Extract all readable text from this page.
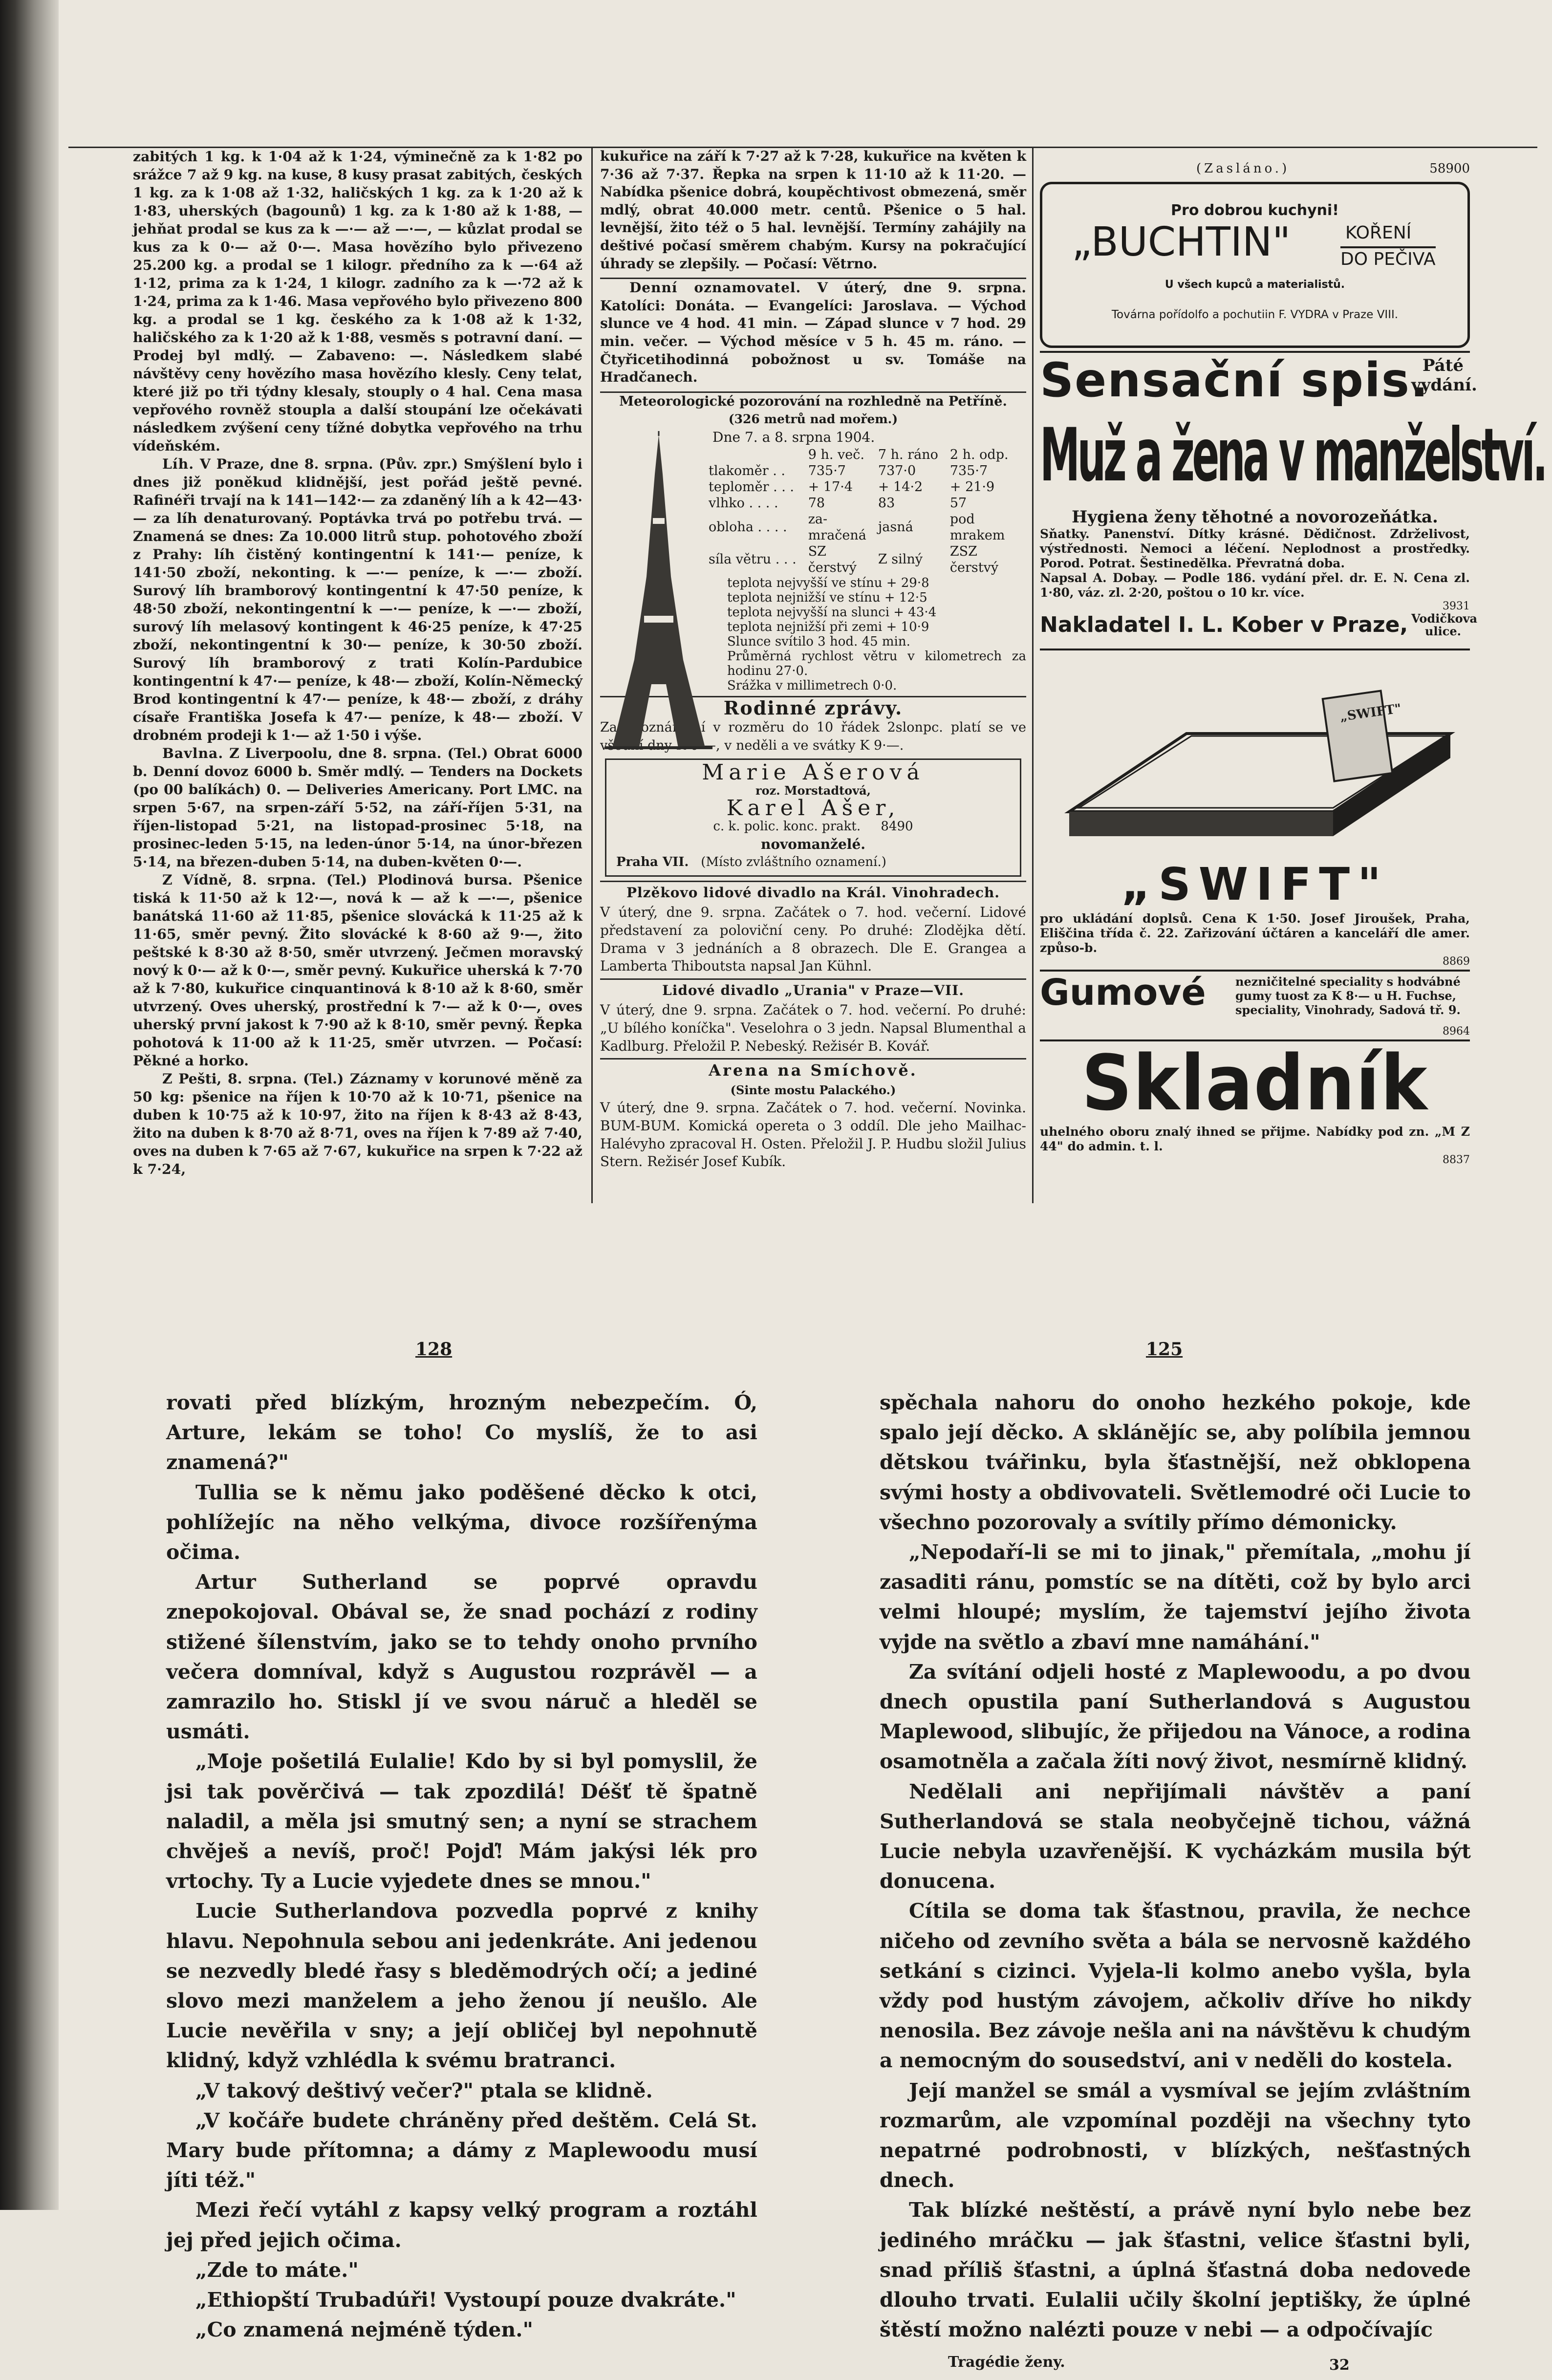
zabitých 1 kg. k 1·04 až k 1·24, výminečně za k 1·82 po srážce 7 až 9 kg. na kuse, 8 kusy prasat zabitých, českých 1 kg. za k 1·08 až 1·32, haličských 1 kg. za k 1·20 až k 1·83, uherských (bagounů) 1 kg. za k 1·80 až k 1·88, — jehňat prodal se kus za k —·— až —·—, — kůzlat prodal se kus za k 0·— až 0·—. Masa hovězího bylo přivezeno 25.200 kg. a prodal se 1 kilogr. předního za k —·64 až 1·12, prima za k 1·24, 1 kilogr. zadního za k —·72 až k 1·24, prima za k 1·46. Masa vepřového bylo přivezeno 800 kg. a prodal se 1 kg. českého za k 1·08 až k 1·32, haličského za k 1·20 až k 1·88, vesměs s potravní daní. — Prodej byl mdlý. — Zabaveno: —. Následkem slabé návštěvy ceny hovězího masa hovězího klesly. Ceny telat, které již po tři týdny klesaly, stouply o 4 hal. Cena masa vepřového rovněž stoupla a další stoupání lze očekávati následkem zvýšení ceny tížné dobytka vepřového na trhu vídeňském.

Líh. V Praze, dne 8. srpna. (Pův. zpr.) Smýšlení bylo i dnes již poněkud klidnější, jest pořád ještě pevné. Rafinéři trvají na k 141—142·— za zdaněný líh a k 42—43·— za líh denaturovaný. Poptávka trvá po potřebu trvá. — Znamená se dnes: Za 10.000 litrů stup. pohotového zboží z Prahy: líh čistěný kontingentní k 141·— peníze, k 141·50 zboží, nekonting. k —·— peníze, k —·— zboží. Surový líh bramborový kontingentní k 47·50 peníze, k 48·50 zboží, nekontingentní k —·— peníze, k —·— zboží, surový líh melasový kontingent k 46·25 peníze, k 47·25 zboží, nekontingentní k 30·— peníze, k 30·50 zboží. Surový líh bramborový z trati Kolín-Pardubice kontingentní k 47·— peníze, k 48·— zboží, Kolín-Německý Brod kontingentní k 47·— peníze, k 48·— zboží, z dráhy císaře Františka Josefa k 47·— peníze, k 48·— zboží. V drobném prodeji k 1·— až 1·50 i výše.

Bavlna. Z Liverpoolu, dne 8. srpna. (Tel.) Obrat 6000 b. Denní dovoz 6000 b. Směr mdlý. — Tenders na Dockets (po 00 balíkách) 0. — Deliveries Americany. Port LMC. na srpen 5·67, na srpen-září 5·52, na září-říjen 5·31, na říjen-listopad 5·21, na listopad-prosinec 5·18, na prosinec-leden 5·15, na leden-únor 5·14, na únor-březen 5·14, na březen-duben 5·14, na duben-květen 0·—.

Z Vídně, 8. srpna. (Tel.) Plodinová bursa. Pšenice tiská k 11·50 až k 12·—, nová k — až k —·—, pšenice banátská 11·60 až 11·85, pšenice slovácká k 11·25 až k 11·65, směr pevný. Žito slovácké k 8·60 až 9·—, žito peštské k 8·30 až 8·50, směr utvrzený. Ječmen moravský nový k 0·— až k 0·—, směr pevný. Kukuřice uherská k 7·70 až k 7·80, kukuřice cinquantinová k 8·10 až k 8·60, směr utvrzený. Oves uherský, prostřední k 7·— až k 0·—, oves uherský první jakost k 7·90 až k 8·10, směr pevný. Řepka pohotová k 11·00 až k 11·25, směr utvrzen. — Počasí: Pěkné a horko.

Z Pešti, 8. srpna. (Tel.) Záznamy v korunové měně za 50 kg: pšenice na říjen k 10·70 až k 10·71, pšenice na duben k 10·75 až k 10·97, žito na říjen k 8·43 až 8·43, žito na duben k 8·70 až 8·71, oves na říjen k 7·89 až 7·40, oves na duben k 7·65 až 7·67, kukuřice na srpen k 7·22 až k 7·24,

kukuřice na září k 7·27 až k 7·28, kukuřice na květen k 7·36 až 7·37. Řepka na srpen k 11·10 až k 11·20. — Nabídka pšenice dobrá, koupěchtivost obmezená, směr mdlý, obrat 40.000 metr. centů. Pšenice o 5 hal. levnější, žito též o 5 hal. levnější. Termíny zahájily na deštivé počasí směrem chabým. Kursy na pokračující úhrady se zlepšily. — Počasí: Větrno.

Denní oznamovatel. V úterý, dne 9. srpna. Katolíci: Donáta. — Evangelíci: Jaroslava. — Východ slunce ve 4 hod. 41 min. — Západ slunce v 7 hod. 29 min. večer. — Východ měsíce v 5 h. 45 m. ráno. — Čtyřicetihodinná pobožnost u sv. Tomáše na Hradčanech.

Meteorologické pozorování na rozhledně na Petříně.
(326 metrů nad mořem.)
Dne 7. a 8. srpna 1904.
	9 h. več.	7 h. ráno	2 h. odp.
tlakoměr . .	735·7	737·0	735·7
teploměr . . .	+ 17·4	+ 14·2	+ 21·9
vlhko . . . .	78	83	57
obloha . . . .	za- mračená	jasná	pod mrakem
síla větru . . .	SZ čerstvý	Z silný	ZSZ čerstvý
teplota nejvyšší ve stínu + 29·8
teplota nejnižší ve stínu + 12·5
teplota nejvyšší na slunci + 43·4
teplota nejnižší při zemi + 10·9
Slunce svítilo 3 hod. 45 min.
Průměrná rychlost větru v kilometrech za hodinu 27·0.
Srážka v millimetrech 0·0.
Rodinné zprávy.

Za 1 oznámení v rozměru do 10 řádek 2slonpc. platí se ve všední dny K 6·—, v neděli a ve svátky K 9·—.

Marie Ašerová
roz. Morstadtová,
Karel Ašer,
c. k. polic. konc. prakt. 8490
novomanželé.
Praha VII. (Místo zvláštního oznamení.)
Plzěkovo lidové divadlo na Král. Vinohradech.

V úterý, dne 9. srpna. Začátek o 7. hod. večerní. Lidové představení za poloviční ceny. Po druhé: Zlodějka dětí. Drama v 3 jednáních a 8 obrazech. Dle E. Grangea a Lamberta Thiboutsta napsal Jan Kühnl.

Lidové divadlo „Urania" v Praze—VII.

V úterý, dne 9. srpna. Začátek o 7. hod. večerní. Po druhé: „U bílého koníčka". Veselohra o 3 jedn. Napsal Blumenthal a Kadlburg. Přeložil P. Nebeský. Režisér B. Kovář.

Arena na Smíchově.
(Sinte mostu Palackého.)

V úterý, dne 9. srpna. Začátek o 7. hod. večerní. Novinka. BUM-BUM. Komická opereta o 3 oddíl. Dle jeho Mailhac-Halévyho zpracoval H. Osten. Přeložil J. P. Hudbu složil Julius Stern. Režisér Josef Kubík.

(Zasláno.)	58900
Pro dobrou kuchyni!
„BUCHTIN"	KOŘENÍ
DO PEČIVA
U všech kupců a materialistů.
Továrna pořídolfo a pochutiin F. VYDRA v Praze VIII.
Sensační spis.
Páté vydání.
Muž a žena v manželství.
Hygiena ženy těhotné a novorozeňátka.
Sňatky. Panenství. Dítky krásné. Dědičnost. Zdrželivost, výstřednosti. Nemoci a léčení. Neplodnost a prostředky. Porod. Potrat. Šestinedělka. Převratná doba.
Napsal A. Dobay. — Podle 186. vydání přel. dr. E. N. Cena zl. 1·80, váz. zl. 2·20, poštou o 10 kr. více.
3931
Nakladatel I. L. Kober v Praze, Vodičkova ulice.
„SWIFT"
„SWIFT"
pro ukládání doplsů. Cena K 1·50. Josef Jiroušek, Praha, Eliščina třída č. 22. Zařizování účtáren a kanceláří dle amer. způso-b.
8869
Gumové	nezničitelné speciality s hodvábné gumy tuost za K 8·— u H. Fuchse, speciality, Vinohrady, Sadová tř. 9.
8964
Skladník
uhelného oboru znalý ihned se přijme. Nabídky pod zn. „M Z 44" do admin. t. l.
8837
128	125

rovati před blízkým, hrozným nebezpečím. Ó, Arture, lekám se toho! Co myslíš, že to asi znamená?"

Tullia se k němu jako poděšené děcko k otci, pohlížejíc na něho velkýma, divoce rozšířenýma očima.

Artur Sutherland se poprvé opravdu znepokojoval. Obával se, že snad pochází z rodiny stižené šílenstvím, jako se to tehdy onoho prvního večera domníval, když s Augustou rozprávěl — a zamrazilo ho. Stiskl jí ve svou náruč a hleděl se usmáti.

„Moje pošetilá Eulalie! Kdo by si byl pomyslil, že jsi tak pověrčivá — tak zpozdilá! Déšť tě špatně naladil, a měla jsi smutný sen; a nyní se strachem chvěješ a nevíš, proč! Pojď! Mám jakýsi lék pro vrtochy. Ty a Lucie vyjedete dnes se mnou."

Lucie Sutherlandova pozvedla poprvé z knihy hlavu. Nepohnula sebou ani jedenkráte. Ani jedenou se nezvedly bledé řasy s bleděmodrých očí; a jediné slovo mezi manželem a jeho ženou jí neušlo. Ale Lucie nevěřila v sny; a její obličej byl nepohnutě klidný, když vzhlédla k svému bratranci.

„V takový deštivý večer?" ptala se klidně.

„V kočáře budete chráněny před deštěm. Celá St. Mary bude přítomna; a dámy z Maplewoodu musí jíti též."

Mezi řečí vytáhl z kapsy velký program a roztáhl jej před jejich očima.

„Zde to máte."

„Ethiopští Trubadúři! Vystoupí pouze dvakráte."

„Co znamená nejméně týden."

spěchala nahoru do onoho hezkého pokoje, kde spalo její děcko. A sklánějíc se, aby políbila jemnou dětskou tvářinku, byla šťastnější, než obklopena svými hosty a obdivovateli. Světlemodré oči Lucie to všechno pozorovaly a svítily přímo démonicky.

„Nepodaří-li se mi to jinak," přemítala, „mohu jí zasaditi ránu, pomstíc se na dítěti, což by bylo arci velmi hloupé; myslím, že tajemství jejího života vyjde na světlo a zbaví mne namáhání."

Za svítání odjeli hosté z Maplewoodu, a po dvou dnech opustila paní Sutherlandová s Augustou Maplewood, slibujíc, že přijedou na Vánoce, a rodina osamotněla a začala žíti nový život, nesmírně klidný.

Nedělali ani nepřijímali návštěv a paní Sutherlandová se stala neobyčejně tichou, vážná Lucie nebyla uzavřenější. K vycházkám musila být donucena.

Cítila se doma tak šťastnou, pravila, že nechce ničeho od zevního světa a bála se nervosně každého setkání s cizinci. Vyjela-li kolmo anebo vyšla, byla vždy pod hustým závojem, ačkoliv dříve ho nikdy nenosila. Bez závoje nešla ani na návštěvu k chudým a nemocným do sousedství, ani v neděli do kostela.

Její manžel se smál a vysmíval se jejím zvláštním rozmarům, ale vzpomínal později na všechny tyto nepatrné podrobnosti, v blízkých, nešťastných dnech.

Tak blízké neštěstí, a právě nyní bylo nebe bez jediného mráčku — jak šťastni, velice šťastni byli, snad příliš šťastni, a úplná šťastná doba nedovede dlouho trvati. Eulalii učily školní jeptišky, že úplné štěstí možno nalézti pouze v nebi — a odpočívajíc

Tragédie ženy.	32
